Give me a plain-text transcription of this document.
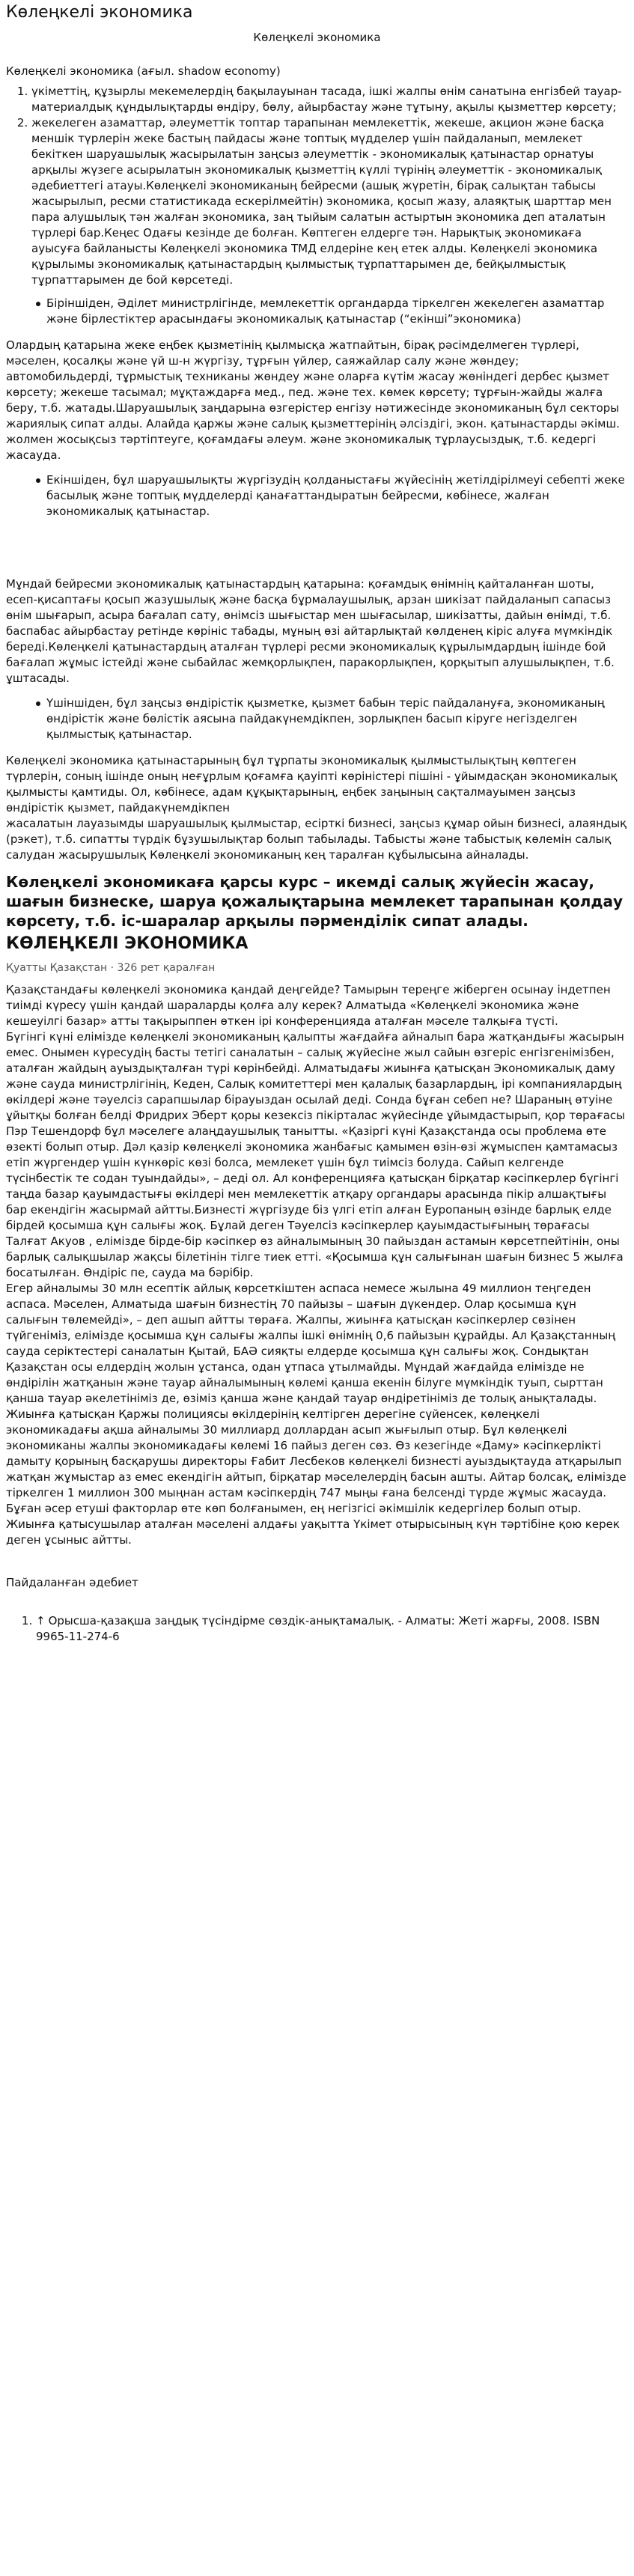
Көлеңкелі экономика

Көлеңкелі экономика

Көлеңкелі экономика (ағыл. shadow economy)

1. үкіметтің, құзырлы мекемелердің бақылауынан тасада, ішкі жалпы өнім санатына енгізбей тауар-материалдық құндылықтарды өндіру, бөлу, айырбастау және тұтыну, ақылы қызметтер көрсету;
2. жекелеген азаматтар, әлеуметтік топтар тарапынан мемлекеттік, жекеше, акцион және басқа меншік түрлерін жеке бастың пайдасы және топтық мүдделер үшін пайдаланып, мемлекет бекіткен шаруашылық жасырылатын заңсыз әлеуметтік - экономикалық қатынастар орнатуы арқылы жүзеге асырылатын экономикалық қызметтің күллі түрінің әлеуметтік - экономикалық әдебиеттегі атауы.Көлеңкелі экономиканың бейресми (ашық жүретін, бірақ салықтан табысы жасырылып, ресми статистикада ескерілмейтін) экономика, қосып жазу, алаяқтық шарттар мен пара алушылық тән жалған экономика, заң тыйым салатын астыртын экономика деп аталатын түрлері бар.Кеңес Одағы кезінде де болған. Көптеген елдерге тән. Нарықтық экономикаға ауысуға байланысты Көлеңкелі экономика ТМД елдеріне кең етек алды. Көлеңкелі экономика құрылымы экономикалық қатынастардың қылмыстық тұрпаттарымен де, бейқылмыстық тұрпаттарымен де бой көрсетеді.
Біріншіден, Әділет министрлігінде, мемлекеттік органдарда тіркелген жекелеген азаматтар және бірлестіктер арасындағы экономикалық қатынастар (“екінші”экономика)

Олардың қатарына жеке еңбек қызметінің қылмысқа жатпайтын, бірақ рәсімделмеген түрлері, мәселен, қосалқы және үй ш-н жүргізу, тұрғын үйлер, саяжайлар салу және жөндеу; автомобильдерді, тұрмыстық техниканы жөндеу және оларға күтім жасау жөніндегі дербес қызмет көрсету; жекеше тасымал; мұқтаждарға мед., пед. және тех. көмек көрсету; тұрғын-жайды жалға беру, т.б. жатады.Шаруашылық заңдарына өзгерістер енгізу нәтижесінде экономиканың бұл секторы жариялық сипат алды. Алайда қаржы және салық қызметтерінің әлсіздігі, экон. қатынастарды әкімш. жолмен жосықсыз тәртіптеуге, қоғамдағы әлеум. және экономикалық тұрлаусыздық, т.б. кедергі жасауда.

Екіншіден, бұл шаруашылықты жүргізудің қолданыстағы жүйесінің жетілдірілмеуі себепті жеке басылық және топтық мүдделерді қанағаттандыратын бейресми, көбінесе, жалған экономикалық қатынастар.

Мұндай бейресми экономикалық қатынастардың қатарына: қоғамдық өнімнің қайталанған шоты, есеп-қисаптағы қосып жазушылық және басқа бұрмалаушылық, арзан шикізат пайдаланып сапасыз өнім шығарып, асыра бағалап сату, өнімсіз шығыстар мен шығасылар, шикізатты, дайын өнімді, т.б. баспабас айырбастау ретінде көрініс табады, мұның өзі айтарлықтай көлденең кіріс алуға мүмкіндік береді.Көлеңкелі қатынастардың аталған түрлері ресми экономикалық құрылымдардың ішінде бой бағалап жұмыс істейді және сыбайлас жемқорлықпен, паракорлықпен, қорқытып алушылықпен, т.б. ұштасады.

Үшіншіден, бұл заңсыз өндірістік қызметке, қызмет бабын теріс пайдалануға, экономиканың өндірістік және бөлістік аясына пайдакүнемдікпен, зорлықпен басып кіруге негізделген қылмыстық қатынастар.

Көлеңкелі экономика қатынастарының бұл тұрпаты экономикалық қылмыстылықтың көптеген түрлерін, соның ішінде оның неғұрлым қоғамға қауіпті көріністері пішіні - ұйымдасқан экономикалық қылмысты қамтиды. Ол, көбінесе, адам құқықтарының, еңбек заңының сақталмауымен заңсыз өндірістік қызмет, пайдакүнемдікпен
жасалатын лауазымды шаруашылық қылмыстар, есірткі бизнесі, заңсыз құмар ойын бизнесі, алаяндық (рэкет), т.б. сипатты түрдік бұзушылықтар болып табылады. Табысты және табыстық көлемін салық салудан жасырушылық Көлеңкелі экономиканың кең таралған құбылысына айналады.

Көлеңкелі экономикаға қарсы курс – икемді салық жүйесін жасау, шағын бизнеске, шаруа қожалықтарына мемлекет тарапынан қолдау көрсету, т.б. іс-шаралар арқылы пәрменділік сипат алады.
КӨЛЕҢКЕЛІ ЭКОНОМИКА
Қуатты Қазақстан · 326 рет қаралған

Қазақстандағы көлеңкелі экономика қандай деңгейде? Тамырын тереңге жіберген осынау індетпен тиімді күресу үшін қандай шараларды қолға алу керек? Алматыда «Көлеңкелі экономика және кешеуілгі базар» атты тақырыппен өткен ірі конференцияда аталған мәселе талқыға түсті.

Бүгінгі күні елімізде көлеңкелі экономиканың қалыпты жағдайға айналып бара жатқандығы жасырын емес. Онымен күресудің басты тетігі саналатын – салық жүйесіне жыл сайын өзгеріс енгізгенімізбен, аталған жайдың ауыздықталған түрі көрінбейді. Алматыдағы жиынға қатысқан Экономикалық даму және сауда министрлігінің, Кеден, Салық комитеттері мен қалалық базарлардың, ірі компаниялардың өкілдері және тәуелсіз сарапшылар бірауыздан осылай деді. Сонда бұған себеп не? Шараның өтуіне ұйытқы болған белді Фридрих Эберт қоры кезексіз пікірталас жүйесінде ұйымдастырып, қор төрағасы Пэр Тешендорф бұл мәселеге алаңдаушылық танытты. «Қазіргі күні Қазақстанда осы проблема өте өзекті болып отыр. Дәл қазір көлеңкелі экономика жанбағыс қамымен өзін-өзі жұмыспен қамтамасыз етіп жүргендер үшін күнкөріс көзі болса, мемлекет үшін бұл тиімсіз болуда. Сайып келгенде түсінбестік те содан туындайды», – деді ол. Ал конференцияға қатысқан бірқатар кәсіпкерлер бүгінгі таңда базар қауымдастығы өкілдері мен мемлекеттік атқару органдары арасында пікір алшақтығы бар екендігін жасырмай айтты.Бизнесті жүргізуде біз үлгі етіп алған Еуропаның өзінде барлық елде бірдей қосымша құн салығы жоқ. Бұлай деген Тәуелсіз кәсіпкерлер қауымдастығының төрағасы Талғат Акуов , елімізде бірде-бір кәсіпкер өз айналымының 30 пайыздан астамын көрсетпейтінін, оны барлық салықшылар жақсы білетінін тілге тиек етті. «Қосымша құн салығынан шағын бизнес 5 жылға босатылған. Өндіріс пе, сауда ма бәрібір.

Егер айналымы 30 млн есептік айлық көрсеткіштен аспаса немесе жылына 49 миллион теңгеден аспаса. Мәселен, Алматыда шағын бизнестің 70 пайызы – шағын дүкендер. Олар қосымша құн салығын төлемейді», – деп ашып айтты төраға. Жалпы, жиынға қатысқан кәсіпкерлер сөзінен түйгеніміз, елімізде қосымша құн салығы жалпы ішкі өнімнің 0,6 пайызын құрайды. Ал Қазақстанның сауда серіктестері саналатын Қытай, БАӘ сияқты елдерде қосымша құн салығы жоқ. Сондықтан Қазақстан осы елдердің жолын ұстанса, одан ұтпаса ұтылмайды. Мұндай жағдайда елімізде не өндірілін жатқанын және тауар айналымының көлемі қанша екенін білуге мүмкіндік туып, сырттан қанша тауар әкелетініміз де, өзіміз қанша және қандай тауар өндіретініміз де толық анықталады.

Жиынға қатысқан Қаржы полициясы өкілдерінің келтірген дерегіне сүйенсек, көлеңкелі экономикадағы ақша айналымы 30 миллиард доллардан асып жығылып отыр. Бұл көлеңкелі экономиканы жалпы экономикадағы көлемі 16 пайыз деген сөз. Өз кезегінде «Даму» кәсіпкерлікті дамыту қорының басқарушы директоры Ғабит Лесбеков көлеңкелі бизнесті ауыздықтауда атқарылып жатқан жұмыстар аз емес екендігін айтып, бірқатар мәселелердің басын ашты. Айтар болсақ, елімізде тіркелген 1 миллион 300 мыңнан астам кәсіпкердің 747 мыңы ғана белсенді түрде жұмыс жасауда. Бұған әсер етуші факторлар өте көп болғанымен, ең негізгісі әкімшілік кедергілер болып отыр. Жиынға қатысушылар аталған мәселені алдағы уақытта Үкімет отырысының күн тәртібіне қою керек деген ұсыныс айтты.

Пайдаланған әдебиет
1. ↑ Орысша-қазақша заңдық түсіндірме сөздік-анықтамалық. - Алматы: Жеті жарғы, 2008. ISBN 9965-11-274-6
